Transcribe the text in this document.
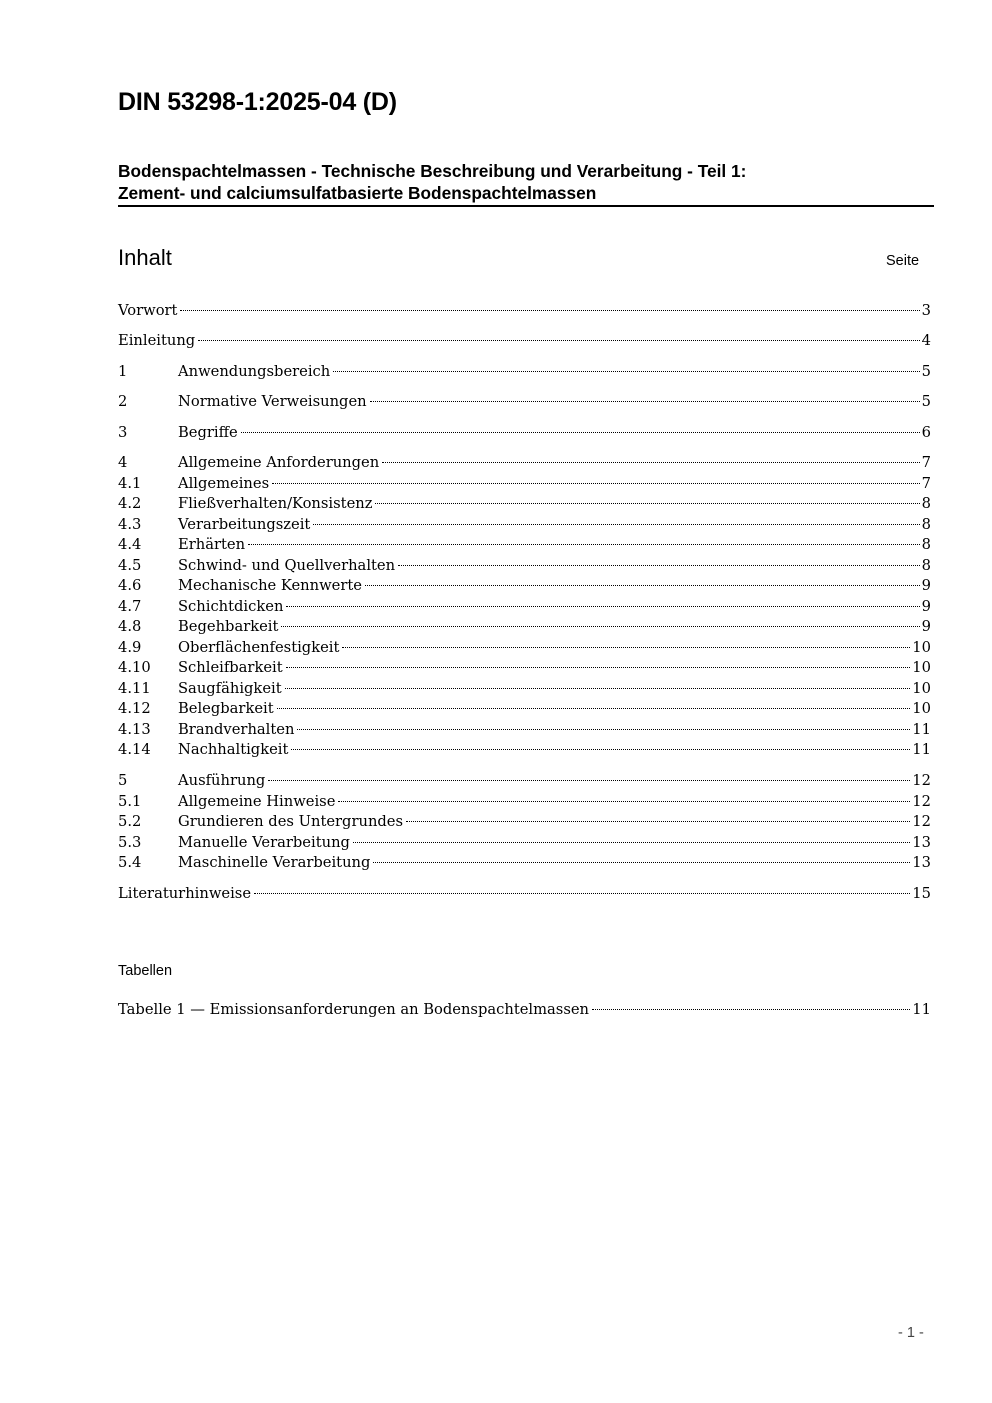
DIN 53298-1:2025-04 (D)
Bodenspachtelmassen - Technische Beschreibung und Verarbeitung - Teil 1:
Zement- und calciumsulfatbasierte Bodenspachtelmassen
Inhalt	Seite
Vorwort	3
Einleitung	4
1	Anwendungsbereich	5
2	Normative Verweisungen	5
3	Begriffe	6
4	Allgemeine Anforderungen	7
4.1	Allgemeines	7
4.2	Fließverhalten/Konsistenz	8
4.3	Verarbeitungszeit	8
4.4	Erhärten	8
4.5	Schwind- und Quellverhalten	8
4.6	Mechanische Kennwerte	9
4.7	Schichtdicken	9
4.8	Begehbarkeit	9
4.9	Oberflächenfestigkeit	10
4.10	Schleifbarkeit	10
4.11	Saugfähigkeit	10
4.12	Belegbarkeit	10
4.13	Brandverhalten	11
4.14	Nachhaltigkeit	11
5	Ausführung	12
5.1	Allgemeine Hinweise	12
5.2	Grundieren des Untergrundes	12
5.3	Manuelle Verarbeitung	13
5.4	Maschinelle Verarbeitung	13
Literaturhinweise	15
Tabellen
Tabelle 1 — Emissionsanforderungen an Bodenspachtelmassen	11
- 1 -
